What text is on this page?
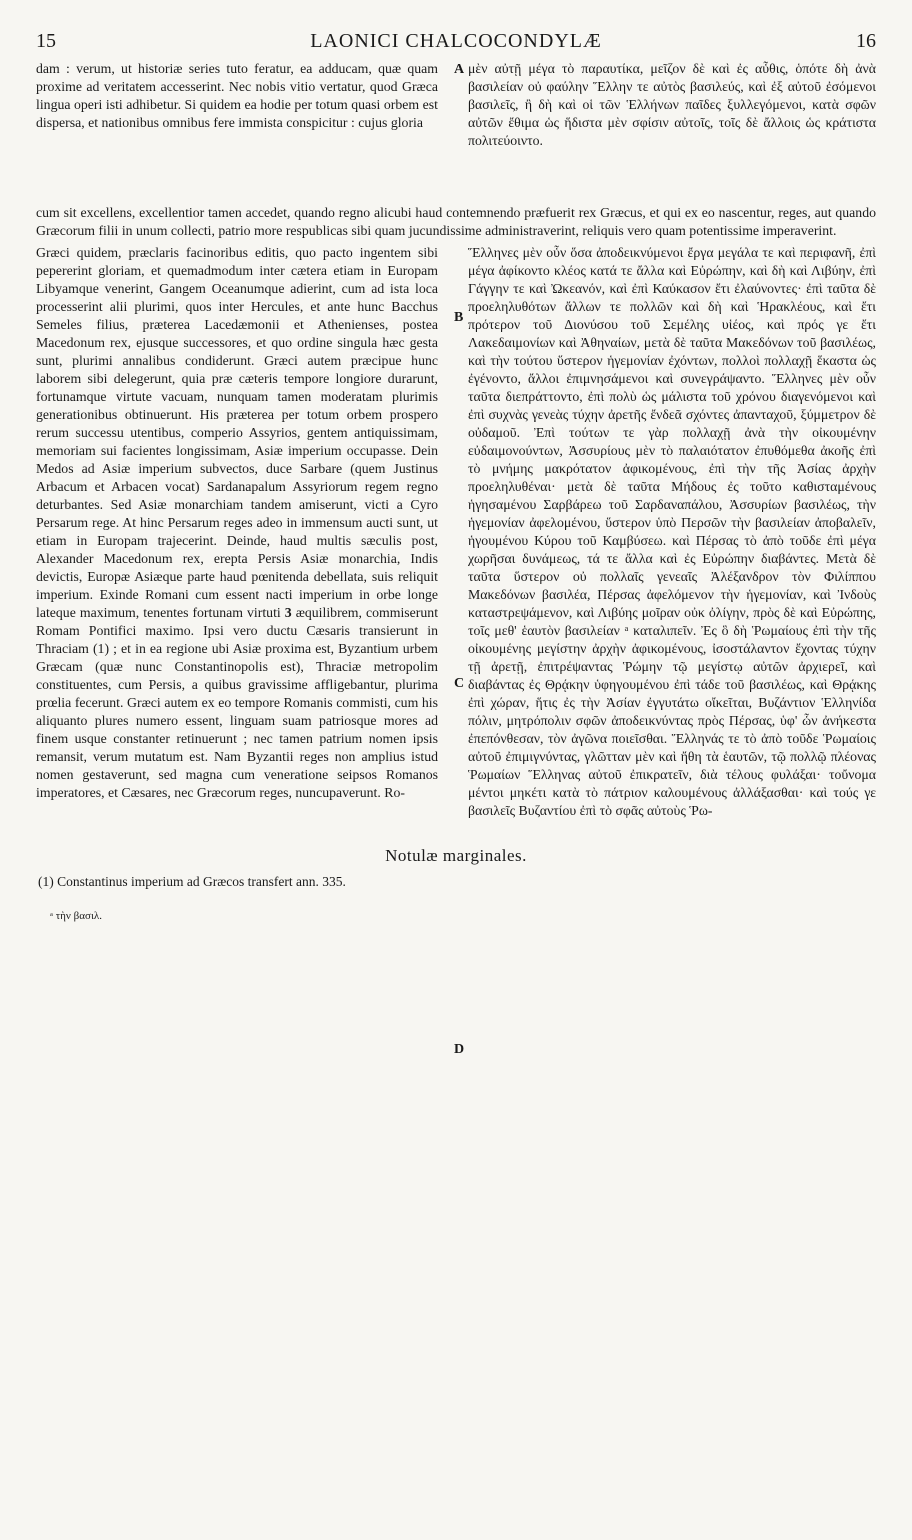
15	LAONICI CHALCOCONDYLÆ	16

dam : verum, ut historiæ series tuto feratur, ea adducam, quæ quam proxime ad veritatem accesserint. Nec nobis vitio vertatur, quod Græca lingua operi isti adhibetur. Si quidem ea hodie per totum quasi orbem est dispersa, et nationibus omnibus fere immista conspicitur : cujus gloria

A μὲν αὐτῇ μέγα τὸ παραυτίκα, μεῖζον δὲ καὶ ἐς αὖθις, ὁπότε δὴ ἀνὰ βασιλείαν οὐ φαύλην Ἕλλην τε αὐτὸς βασιλεύς, καὶ ἐξ αὐτοῦ ἐσόμενοι βασιλεῖς, ἢ δὴ καὶ οἱ τῶν Ἑλλήνων παῖδες ξυλλεγόμενοι, κατὰ σφῶν αὐτῶν ἔθιμα ὡς ἥδιστα μὲν σφίσιν αὐτοῖς, τοῖς δὲ ἄλλοις ὡς κράτιστα πολιτεύοιντο.

cum sit excellens, excellentior tamen accedet, quando regno alicubi haud contemnendo præfuerit rex Græcus, et qui ex eo nascentur, reges, aut quando Græcorum filii in unum collecti, patrio more respublicas sibi quam jucundissime administraverint, reliquis vero quam potentissime imperaverint.

Græci quidem, præclaris facinoribus editis, quo pacto ingentem sibi pepererint gloriam, et quemadmodum inter cætera etiam in Europam Libyamque venerint, Gangem Oceanumque adierint, cum ad ista loca processerint alii plurimi, quos inter Hercules, et ante hunc Bacchus Semeles filius, præterea Lacedæmonii et Athenienses, postea Macedonum rex, ejusque successores, et quo ordine singula hæc gesta sunt, plurimi annalibus condiderunt. Græci autem præcipue hunc laborem sibi delegerunt, quia præ cæteris tempore longiore durarunt, fortunamque virtute vacuam, nunquam tamen moderatam plurimis generationibus obtinuerunt. His præterea per totum orbem prospero rerum successu utentibus, comperio Assyrios, gentem antiquissimam, memoriam sui facientes longissimam, Asiæ imperium occupasse. Dein Medos ad Asiæ imperium subvectos, duce Sarbare (quem Justinus Arbacum et Arbacen vocat) Sardanapalum Assyriorum regem regno deturbantes. Sed Asiæ monarchiam tandem amiserunt, victi a Cyro Persarum rege. At hinc Persarum reges adeo in immensum aucti sunt, ut etiam in Europam trajecerint. Deinde, haud multis sæculis post, Alexander Macedonum rex, erepta Persis Asiæ monarchia, Indis devictis, Europæ Asiæque parte haud pœnitenda debellata, suis reliquit imperium. Exinde Romani cum essent nacti imperium in orbe longe lateque maximum, tenentes fortunam virtuti 3 æquilibrem, commiserunt Romam Pontifici maximo. Ipsi vero ductu Cæsaris transierunt in Thraciam (1) ; et in ea regione ubi Asiæ proxima est, Byzantium urbem Græcam (quæ nunc Constantinopolis est), Thraciæ metropolim constituentes, cum Persis, a quibus gravissime affligebantur, plurima prœlia fecerunt. Græci autem ex eo tempore Romanis commisti, cum his aliquanto plures numero essent, linguam suam patriosque mores ad finem usque constanter retinuerunt ; nec tamen patrium nomen ipsis remansit, verum mutatum est. Nam Byzantii reges non amplius istud nomen gestaverunt, sed magna cum veneratione seipsos Romanos imperatores, et Cæsares, nec Græcorum reges, nuncupaverunt. Ro-

B
C
D

Ἕλληνες μὲν οὖν ὅσα ἀποδεικνύμενοι ἔργα μεγάλα τε καὶ περιφανῆ, ἐπὶ μέγα ἀφίκοντο κλέος κατά τε ἄλλα καὶ Εὐρώπην, καὶ δὴ καὶ Λιβύην, ἐπὶ Γάγγην τε καὶ Ὠκεανόν, καὶ ἐπὶ Καύκασον ἔτι ἐλαύνοντες· ἐπὶ ταῦτα δὲ προεληλυθότων ἄλλων τε πολλῶν καὶ δὴ καὶ Ἡρακλέους, καὶ ἔτι πρότερον τοῦ Διονύσου τοῦ Σεμέλης υἱέος, καὶ πρός γε ἔτι Λακεδαιμονίων καὶ Ἀθηναίων, μετὰ δὲ ταῦτα Μακεδόνων τοῦ βασιλέως, καὶ τὴν τούτου ὕστερον ἡγεμονίαν ἐχόντων, πολλοὶ πολλαχῇ ἕκαστα ὡς ἐγένοντο, ἄλλοι ἐπιμνησάμενοι καὶ συνεγράψαντο. Ἕλληνες μὲν οὖν ταῦτα διεπράττοντο, ἐπὶ πολὺ ὡς μάλιστα τοῦ χρόνου διαγενόμενοι καὶ ἐπὶ συχνὰς γενεὰς τύχην ἀρετῆς ἔνδεᾶ σχόντες ἀπανταχοῦ, ξύμμετρον δὲ οὐδαμοῦ. Ἐπὶ τούτων τε γὰρ πολλαχῇ ἀνὰ τὴν οἰκουμένην εὐδαιμονούντων, Ἀσσυρίους μὲν τὸ παλαιότατον ἐπυθόμεθα ἀκοῆς ἐπὶ τὸ μνήμης μακρότατον ἀφικομένους, ἐπὶ τὴν τῆς Ἀσίας ἀρχὴν προεληλυθέναι· μετὰ δὲ ταῦτα Μήδους ἐς τοῦτο καθισταμένους ἡγησαμένου Σαρβάρεω τοῦ Σαρδαναπάλου, Ἀσσυρίων βασιλέως, τὴν ἡγεμονίαν ἀφελομένου, ὕστερον ὑπὸ Περσῶν τὴν βασιλείαν ἀποβαλεῖν, ἡγουμένου Κύρου τοῦ Καμβύσεω. καὶ Πέρσας τὸ ἀπὸ τοῦδε ἐπὶ μέγα χωρῆσαι δυνάμεως, τά τε ἄλλα καὶ ἐς Εὐρώπην διαβάντες. Μετὰ δὲ ταῦτα ὕστερον οὐ πολλαῖς γενεαῖς Ἀλέξανδρον τὸν Φιλίππου Μακεδόνων βασιλέα, Πέρσας ἀφελόμενον τὴν ἡγεμονίαν, καὶ Ἰνδοὺς καταστρεψάμενον, καὶ Λιβύης μοῖραν οὐκ ὀλίγην, πρὸς δὲ καὶ Εὐρώπης, τοῖς μεθ' ἑαυτὸν βασιλείαν ᵃ καταλιπεῖν. Ἐς ὃ δὴ Ῥωμαίους ἐπὶ τὴν τῆς οἰκουμένης μεγίστην ἀρχὴν ἀφικομένους, ἰσοστάλαντον ἔχοντας τύχην τῇ ἀρετῇ, ἐπιτρέψαντας Ῥώμην τῷ μεγίστῳ αὐτῶν ἀρχιερεῖ, καὶ διαβάντας ἐς Θρᾴκην ὑφηγουμένου ἐπὶ τάδε τοῦ βασιλέως, καὶ Θρᾴκης ἐπὶ χώραν, ἥτις ἐς τὴν Ἀσίαν ἐγγυτάτω οἴκεῖται, Βυζάντιον Ἑλληνίδα πόλιν, μητρόπολιν σφῶν ἀποδεικνύντας πρὸς Πέρσας, ὑφ' ὧν ἀνήκεστα ἐπεπόνθεσαν, τὸν ἀγῶνα ποιεῖσθαι. Ἕλληνάς τε τὸ ἀπὸ τοῦδε Ῥωμαίοις αὐτοῦ ἐπιμιγνύντας, γλῶτταν μὲν καὶ ἤθη τὰ ἑαυτῶν, τῷ πολλῷ πλέονας Ῥωμαίων Ἕλληνας αὐτοῦ ἐπικρατεῖν, διὰ τέλους φυλάξαι· τοὔνομα μέντοι μηκέτι κατὰ τὸ πάτριον καλουμένους ἀλλάξασθαι· καὶ τούς γε βασιλεῖς Βυζαντίου ἐπὶ τὸ σφᾶς αὐτοὺς Ῥω-

Notulæ marginales.
(1) Constantinus imperium ad Græcos transfert ann. 335.
ᵃ τὴν βασιλ.
